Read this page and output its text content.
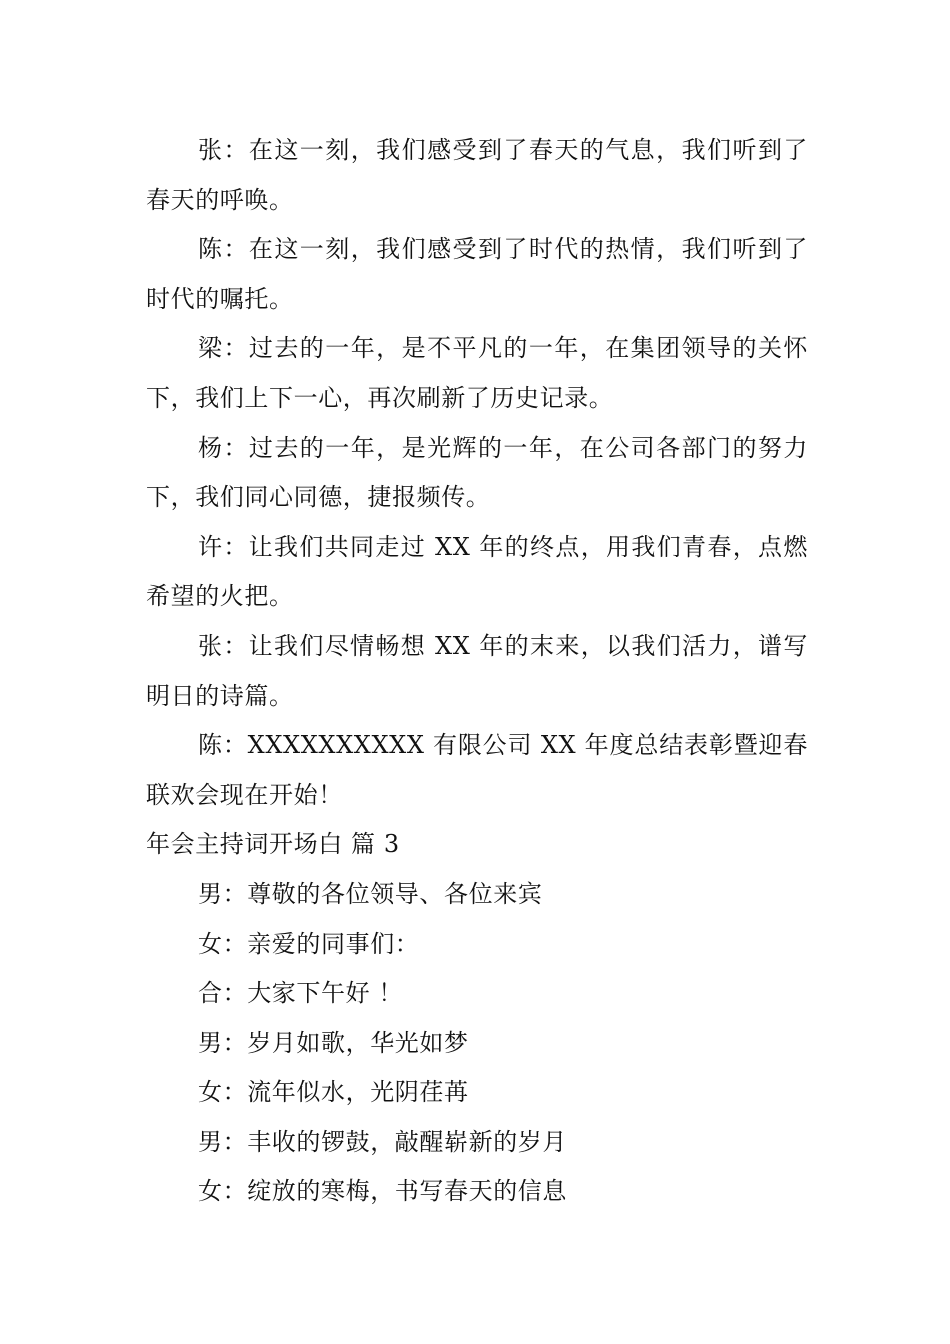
张：在这一刻，我们感受到了春天的气息，我们听到了春天的呼唤。

陈：在这一刻，我们感受到了时代的热情，我们听到了时代的嘱托。

梁：过去的一年，是不平凡的一年，在集团领导的关怀下，我们上下一心，再次刷新了历史记录。

杨：过去的一年，是光辉的一年，在公司各部门的努力下，我们同心同德，捷报频传。

许：让我们共同走过 XX 年的终点，用我们青春，点燃希望的火把。

张：让我们尽情畅想 XX 年的末来，以我们活力，谱写明日的诗篇。

陈：XXXXXXXXXX 有限公司 XX 年度总结表彰暨迎春联欢会现在开始！

年会主持词开场白 篇 3

男：尊敬的各位领导、各位来宾

女：亲爱的同事们：

合：大家下午好 ！

男：岁月如歌，华光如梦

女：流年似水，光阴荏苒

男：丰收的锣鼓，敲醒崭新的岁月

女：绽放的寒梅，书写春天的信息
